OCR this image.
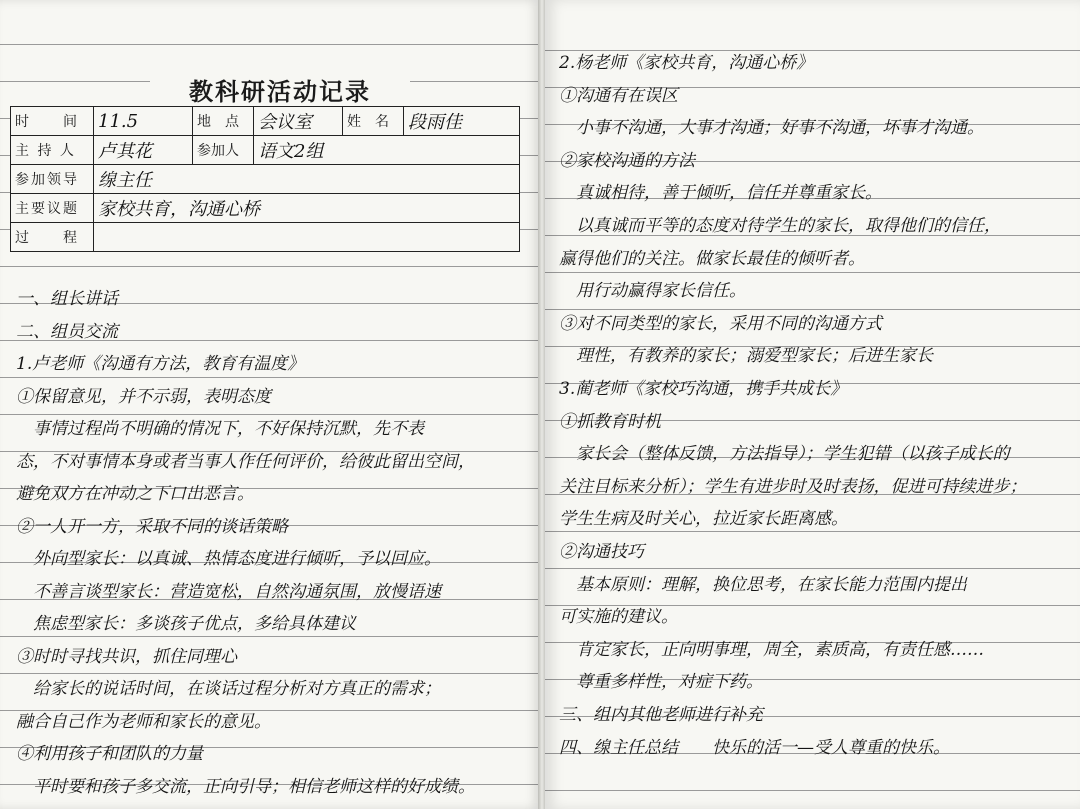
教科研活动记录
时　　间	11.5	地　点	会议室	姓　名	段雨佳
主 持 人	卢其花	参加人	语文2组		
参加领导	缐主任				
主要议题	家校共育，沟通心桥				
过　　程					
一、组长讲话
二、组员交流
1.卢老师《沟通有方法，教育有温度》
①保留意见，并不示弱，表明态度
　事情过程尚不明确的情况下，不好保持沉默，先不表
态，不对事情本身或者当事人作任何评价，给彼此留出空间，
避免双方在冲动之下口出恶言。
②一人开一方，采取不同的谈话策略
　外向型家长：以真诚、热情态度进行倾听，予以回应。
　不善言谈型家长：营造宽松，自然沟通氛围，放慢语速
　焦虑型家长：多谈孩子优点，多给具体建议
③时时寻找共识，抓住同理心
　给家长的说话时间，在谈话过程分析对方真正的需求；
融合自己作为老师和家长的意见。
④利用孩子和团队的力量
　平时要和孩子多交流，正向引导；相信老师这样的好成绩。
2.杨老师《家校共育，沟通心桥》
①沟通有在误区
　小事不沟通，大事才沟通；好事不沟通，坏事才沟通。
②家校沟通的方法
　真诚相待，善于倾听，信任并尊重家长。
　以真诚而平等的态度对待学生的家长，取得他们的信任，
赢得他们的关注。做家长最佳的倾听者。
　用行动赢得家长信任。
③对不同类型的家长，采用不同的沟通方式
　理性，有教养的家长；溺爱型家长；后进生家长
3.蔺老师《家校巧沟通，携手共成长》
①抓教育时机
　家长会（整体反馈，方法指导）；学生犯错（以孩子成长的
关注目标来分析）；学生有进步时及时表扬，促进可持续进步；
学生生病及时关心，拉近家长距离感。
②沟通技巧
　基本原则：理解，换位思考，在家长能力范围内提出
可实施的建议。
　肯定家长，正向明事理，周全，素质高，有责任感……
　尊重多样性，对症下药。
三、组内其他老师进行补充
四、缐主任总结　　快乐的活一—受人尊重的快乐。
